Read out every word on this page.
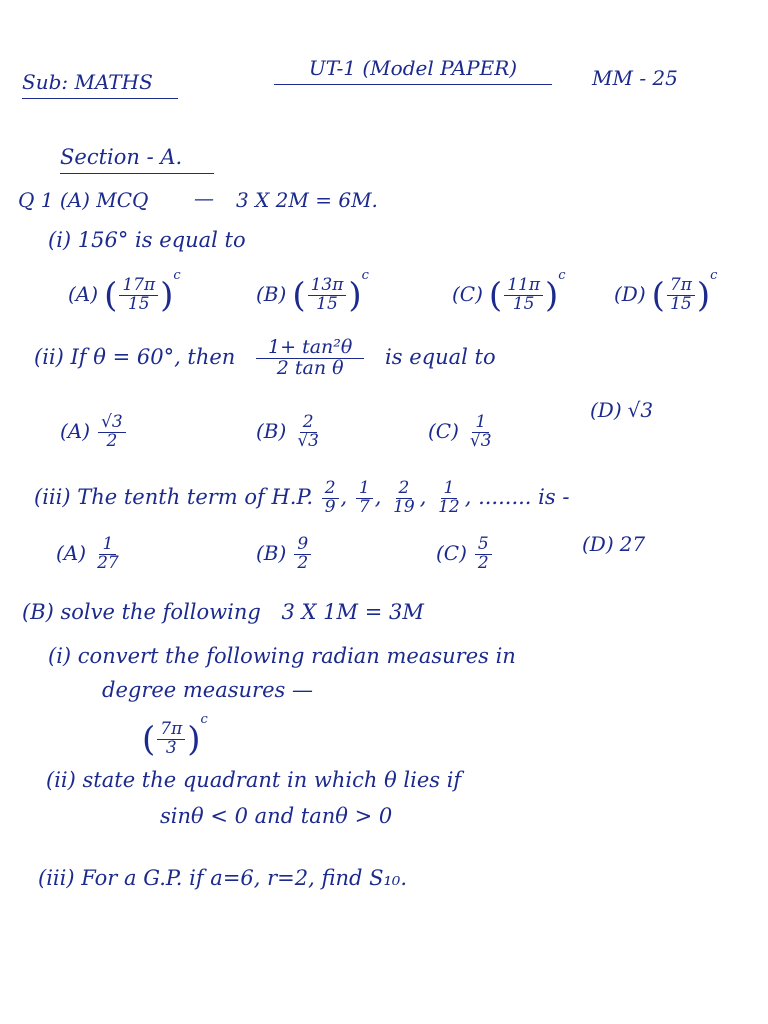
Sub: MATHS
UT-1 (Model PAPER)	MM - 25
Section - A.
Q 1 (A) MCQ — 3 X 2M = 6M.
(i) 156° is equal to
(A) ( $\frac{17\pi}{15} )^c$
(B) ( $\frac{13\pi}{15} )^c$
(C) ( $\frac{11\pi}{15} )^c$
(D) ( $\frac{7\pi}{15} )^c$
(ii) If θ = 60°, then $\frac{\text{1+ tan²θ}}{\text{2 tan θ}}$ is equal to
$(A) \frac{√3}{2}$	$(B) \frac{2}{√3}$	$(C) \frac{1}{√3}$
(D) √3
(iii) The tenth term of H.P. $\frac{2}{9}$ , $\frac{1}{7}$ , $\frac{2}{19}$ , $\frac{1}{12}$ , ........ is -
$(A) \frac{1}{27}$	$(B) \frac{9}{2}$	$(C) \frac{5}{2}$	(D) 27
(B) solve the following 3 X 1M = 3M
(i) convert the following radian measures in
degree measures —
( $\frac{7\pi}{3} )^c$
(ii) state the quadrant in which θ lies if
sinθ < 0 and tanθ > 0
(iii) For a G.P. if a=6, r=2, find S₁₀.
